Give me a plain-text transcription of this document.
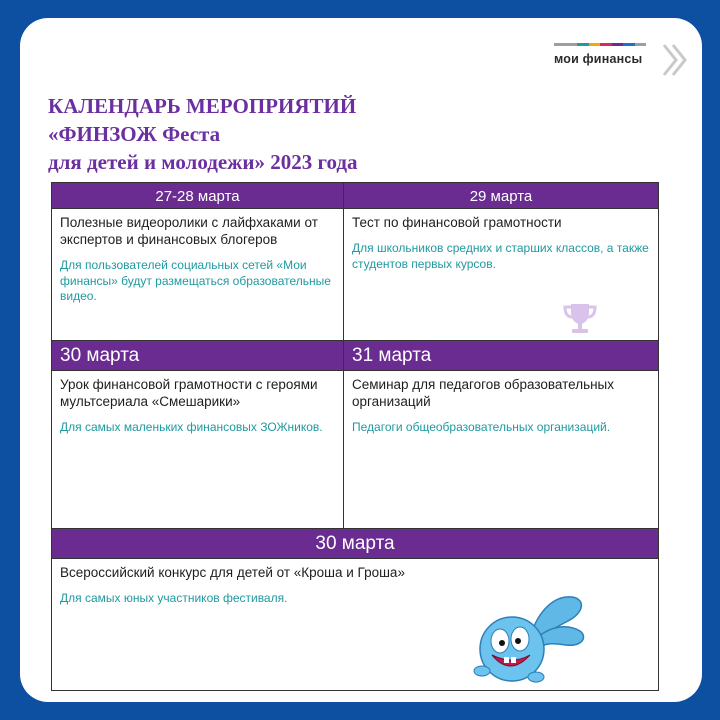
мои финансы
КАЛЕНДАРЬ МЕРОПРИЯТИЙ
«ФИНЗОЖ Феста
для детей и молодежи» 2023 года
27-28 марта
Полезные видеоролики с лайфхаками от экспертов и финансовых блогеров
Для пользователей социальных сетей «Мои финансы» будут размещаться образовательные видео.
29 марта
Тест по финансовой грамотности
Для школьников средних и старших классов, а также студентов первых курсов.
30 марта
Урок финансовой грамотности с героями мультсериала «Смешарики»
Для самых маленьких финансовых ЗОЖников.
31 марта
Семинар для педагогов образовательных организаций
Педагоги общеобразовательных организаций.
30 марта
Всероссийский конкурс для детей от «Кроша и Гроша»
Для самых юных участников фестиваля.
